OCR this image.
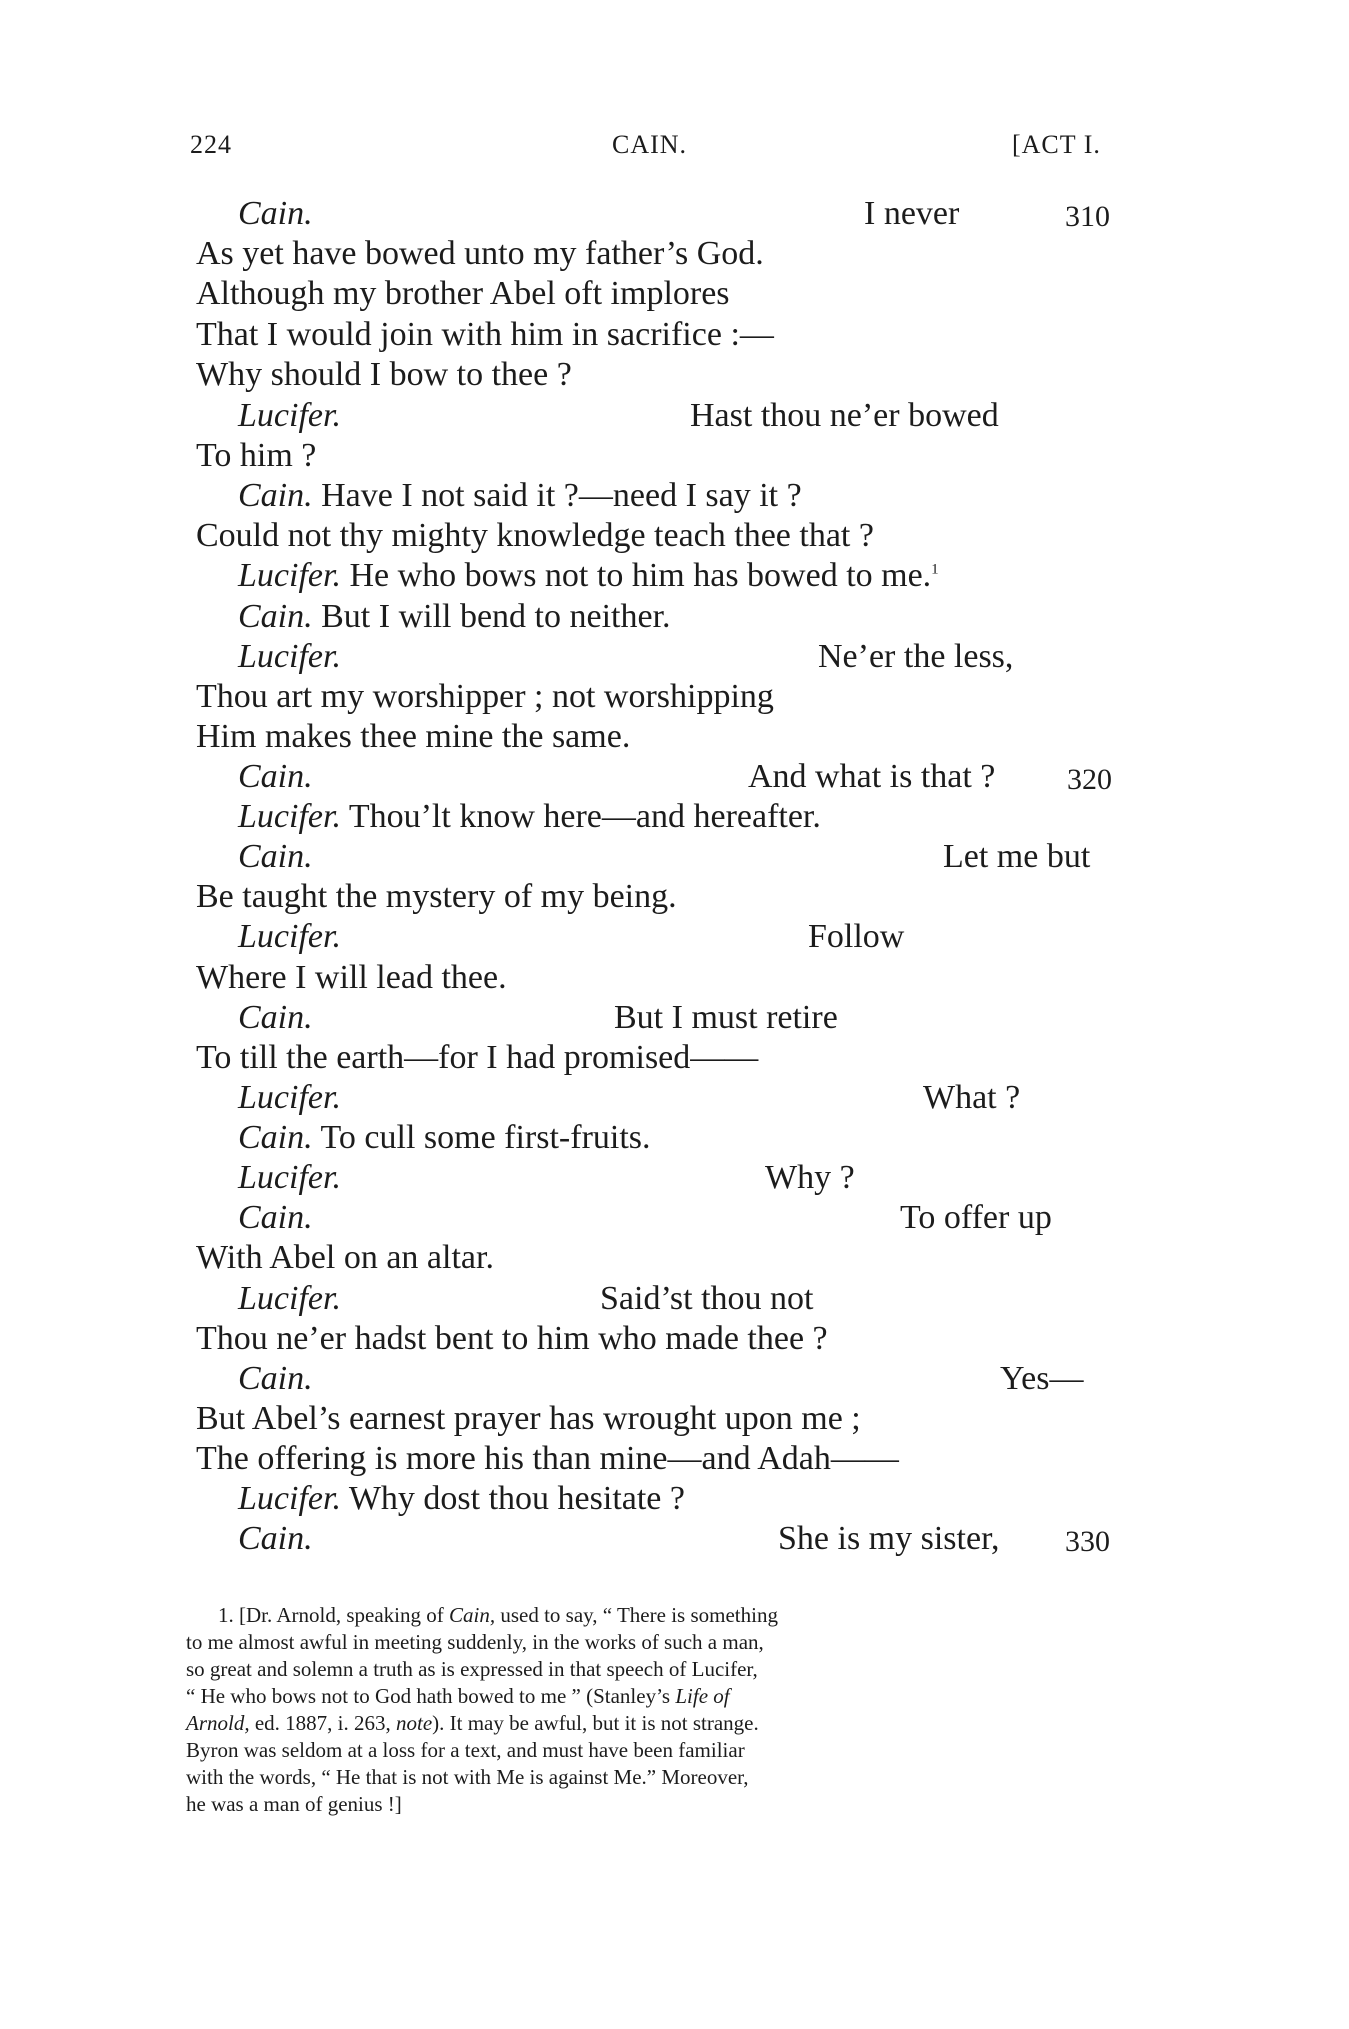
224	CAIN.	[ACT I.
Cain.	I never	310
As yet have bowed unto my father’s God.
Although my brother Abel oft implores
That I would join with him in sacrifice :—
Why should I bow to thee ?
Lucifer.	Hast thou ne’er bowed
To him ?
Cain. Have I not said it ?—need I say it ?
Could not thy mighty knowledge teach thee that ?
Lucifer. He who bows not to him has bowed to me.$^1$
Cain. But I will bend to neither.
Lucifer.	Ne’er the less,
Thou art my worshipper ; not worshipping
Him makes thee mine the same.
Cain.	And what is that ? 320
Lucifer. Thou’lt know here—and hereafter.
Cain.	Let me but
Be taught the mystery of my being.
Lucifer.	Follow
Where I will lead thee.
Cain.	But I must retire
To till the earth—for I had promised——
Lucifer.	What ?
Cain. To cull some first-fruits.
Lucifer.	Why ?
Cain.	To offer up
With Abel on an altar.
Lucifer.	Said’st thou not
Thou ne’er hadst bent to him who made thee ?
Cain.	Yes—
But Abel’s earnest prayer has wrought upon me ;
The offering is more his than mine—and Adah——
Lucifer. Why dost thou hesitate ?
Cain.	She is my sister, 330
1. [Dr. Arnold, speaking of Cain, used to say, “ There is something
to me almost awful in meeting suddenly, in the works of such a man,
so great and solemn a truth as is expressed in that speech of Lucifer,
“ He who bows not to God hath bowed to me ” (Stanley’s Life of
Arnold, ed. 1887, i. 263, note). It may be awful, but it is not strange.
Byron was seldom at a loss for a text, and must have been familiar
with the words, “ He that is not with Me is against Me.” Moreover,
he was a man of genius !]
